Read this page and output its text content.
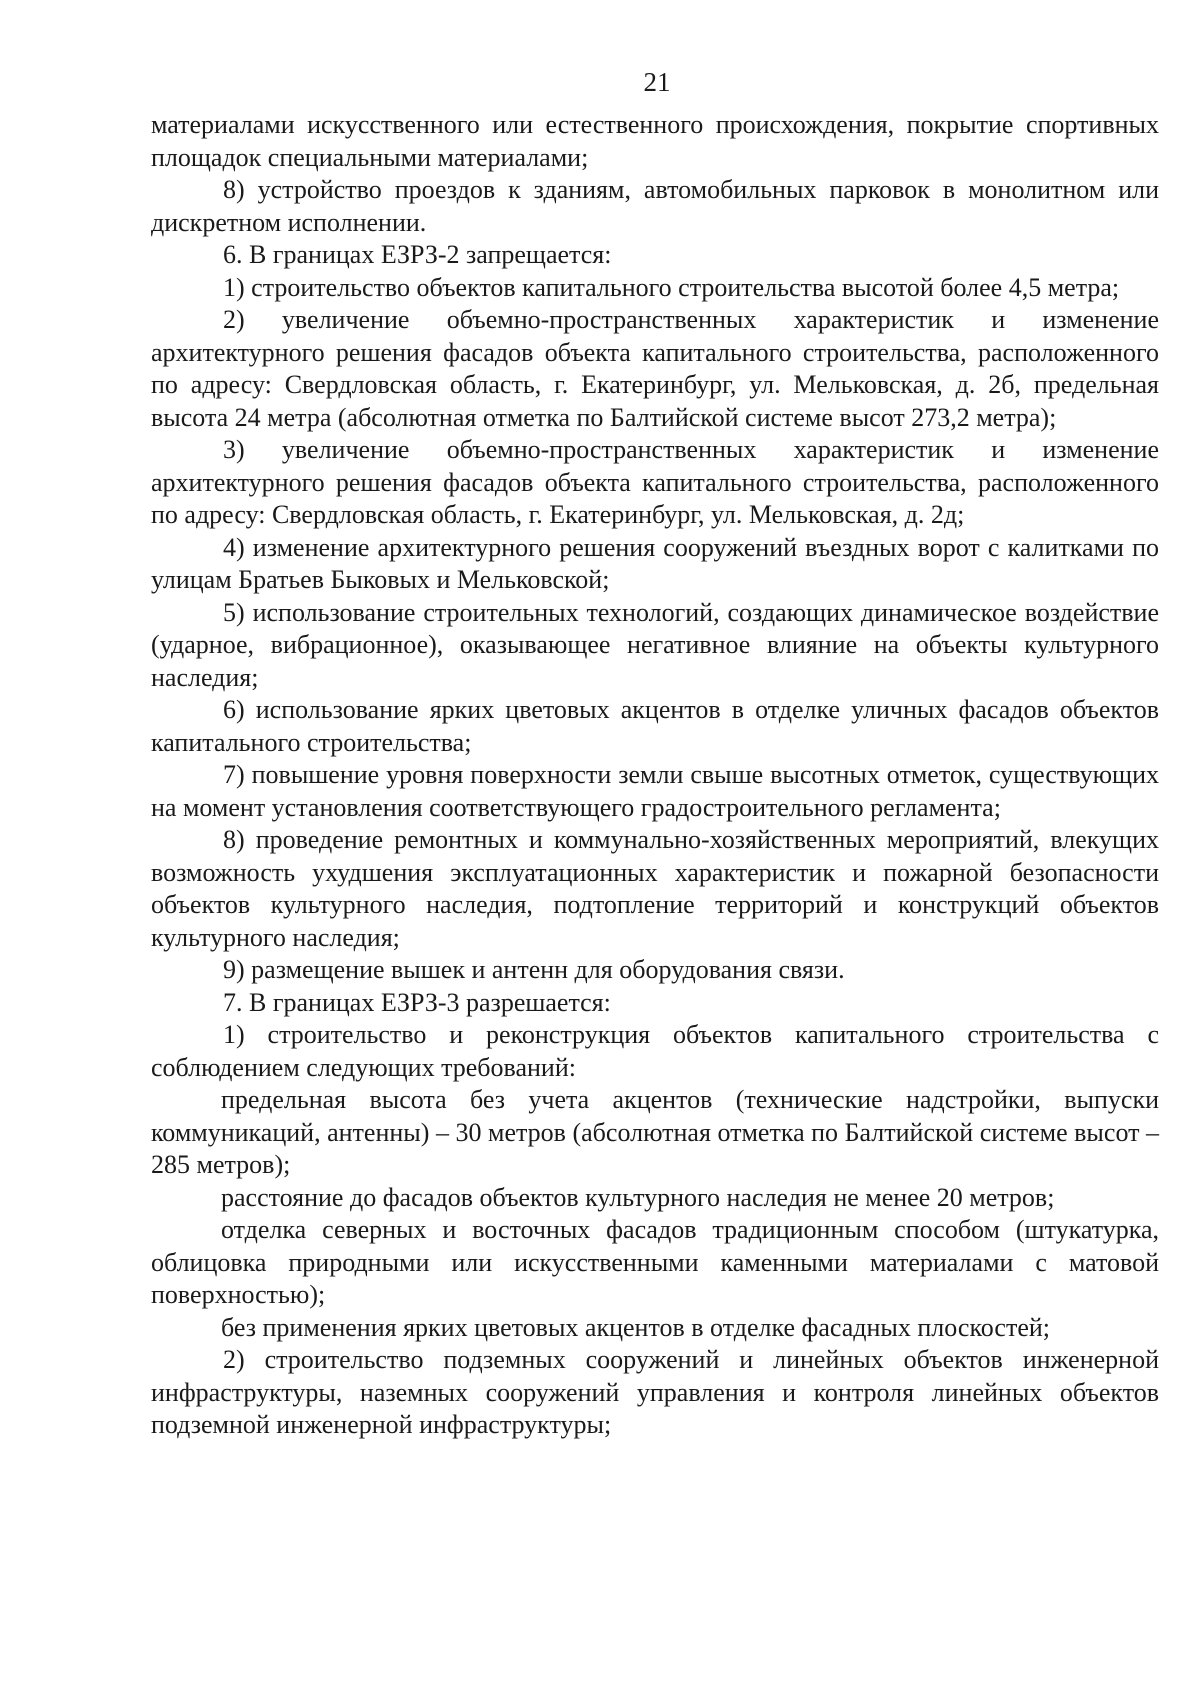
21

материалами искусственного или естественного происхождения, покрытие спортивных площадок специальными материалами;

8) устройство проездов к зданиям, автомобильных парковок в монолитном или дискретном исполнении.

6. В границах ЕЗРЗ-2 запрещается:

1) строительство объектов капитального строительства высотой более 4,5 метра;

2) увеличение объемно-пространственных характеристик и изменение архитектурного решения фасадов объекта капитального строительства, расположенного по адресу: Свердловская область, г. Екатеринбург, ул. Мельковская, д. 2б, предельная высота 24 метра (абсолютная отметка по Балтийской системе высот 273,2 метра);

3) увеличение объемно-пространственных характеристик и изменение архитектурного решения фасадов объекта капитального строительства, расположенного по адресу: Свердловская область, г. Екатеринбург, ул. Мельковская, д. 2д;

4) изменение архитектурного решения сооружений въездных ворот с калитками по улицам Братьев Быковых и Мельковской;

5) использование строительных технологий, создающих динамическое воздействие (ударное, вибрационное), оказывающее негативное влияние на объекты культурного наследия;

6) использование ярких цветовых акцентов в отделке уличных фасадов объектов капитального строительства;

7) повышение уровня поверхности земли свыше высотных отметок, существующих на момент установления соответствующего градостроительного регламента;

8) проведение ремонтных и коммунально-хозяйственных мероприятий, влекущих возможность ухудшения эксплуатационных характеристик и пожарной безопасности объектов культурного наследия, подтопление территорий и конструкций объектов культурного наследия;

9) размещение вышек и антенн для оборудования связи.

7. В границах ЕЗРЗ-3 разрешается:

1) строительство и реконструкция объектов капитального строительства с соблюдением следующих требований:

предельная высота без учета акцентов (технические надстройки, выпуски коммуникаций, антенны) – 30 метров (абсолютная отметка по Балтийской системе высот – 285 метров);

расстояние до фасадов объектов культурного наследия не менее 20 метров;

отделка северных и восточных фасадов традиционным способом (штукатурка, облицовка природными или искусственными каменными материалами с матовой поверхностью);

без применения ярких цветовых акцентов в отделке фасадных плоскостей;

2) строительство подземных сооружений и линейных объектов инженерной инфраструктуры, наземных сооружений управления и контроля линейных объектов подземной инженерной инфраструктуры;
